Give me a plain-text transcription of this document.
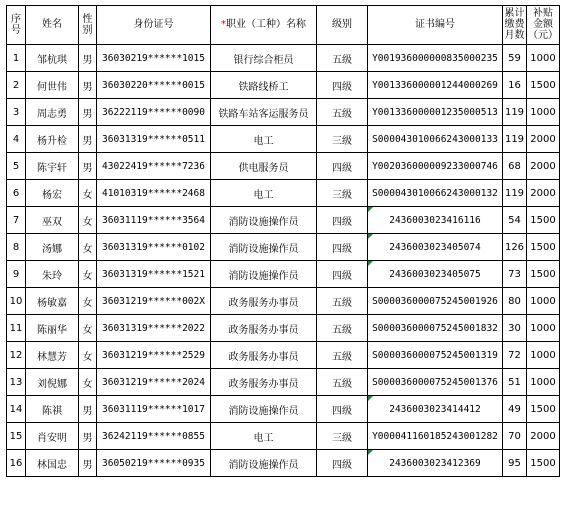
序
号	姓名	性
别	身份证号	*职业（工种）名称	级别	证书编号	累计
缴费
月数	补贴
金额
（元）
1	邹杭琪	男	36030219******1015	银行综合柜员	五级	Y001936000000835000235	59	1000
2	何世伟	男	36030220******0015	铁路线桥工	四级	Y001336000001244000269	16	1500
3	周志勇	男	36222119******0090	铁路车站客运服务员	五级	Y001336000001235000513	119	1000
4	杨升检	男	36031319******0511	电工	三级	S000043010066243000133	119	2000
5	陈宇轩	男	43022419******7236	供电服务员	四级	Y002036000009233000746	68	2000
6	杨宏	女	41010319******2468	电工	三级	S000043010066243000132	119	2000
7	巫双	女	36031119******3564	消防设施操作员	四级	2436003023416116	54	1500
8	汤娜	女	36031319******0102	消防设施操作员	四级	2436003023405074	126	1500
9	朱玲	女	36031319******1521	消防设施操作员	四级	2436003023405075	73	1500
10	杨敏嘉	女	36031219******002X	政务服务办事员	五级	S000036000075245001926	80	1000
11	陈丽华	女	36031319******2022	政务服务办事员	五级	S000036000075245001832	30	1000
12	林慧芳	女	36031219******2529	政务服务办事员	五级	S000036000075245001319	72	1000
13	刘倪娜	女	36031219******2024	政务服务办事员	五级	S000036000075245001376	51	1000
14	陈祺	男	36031119******1017	消防设施操作员	四级	2436003023414412	49	1500
15	肖安明	男	36242119******0855	电工	三级	Y000041160185243001282	70	2000
16	林国忠	男	36050219******0935	消防设施操作员	四级	2436003023412369	95	1500
